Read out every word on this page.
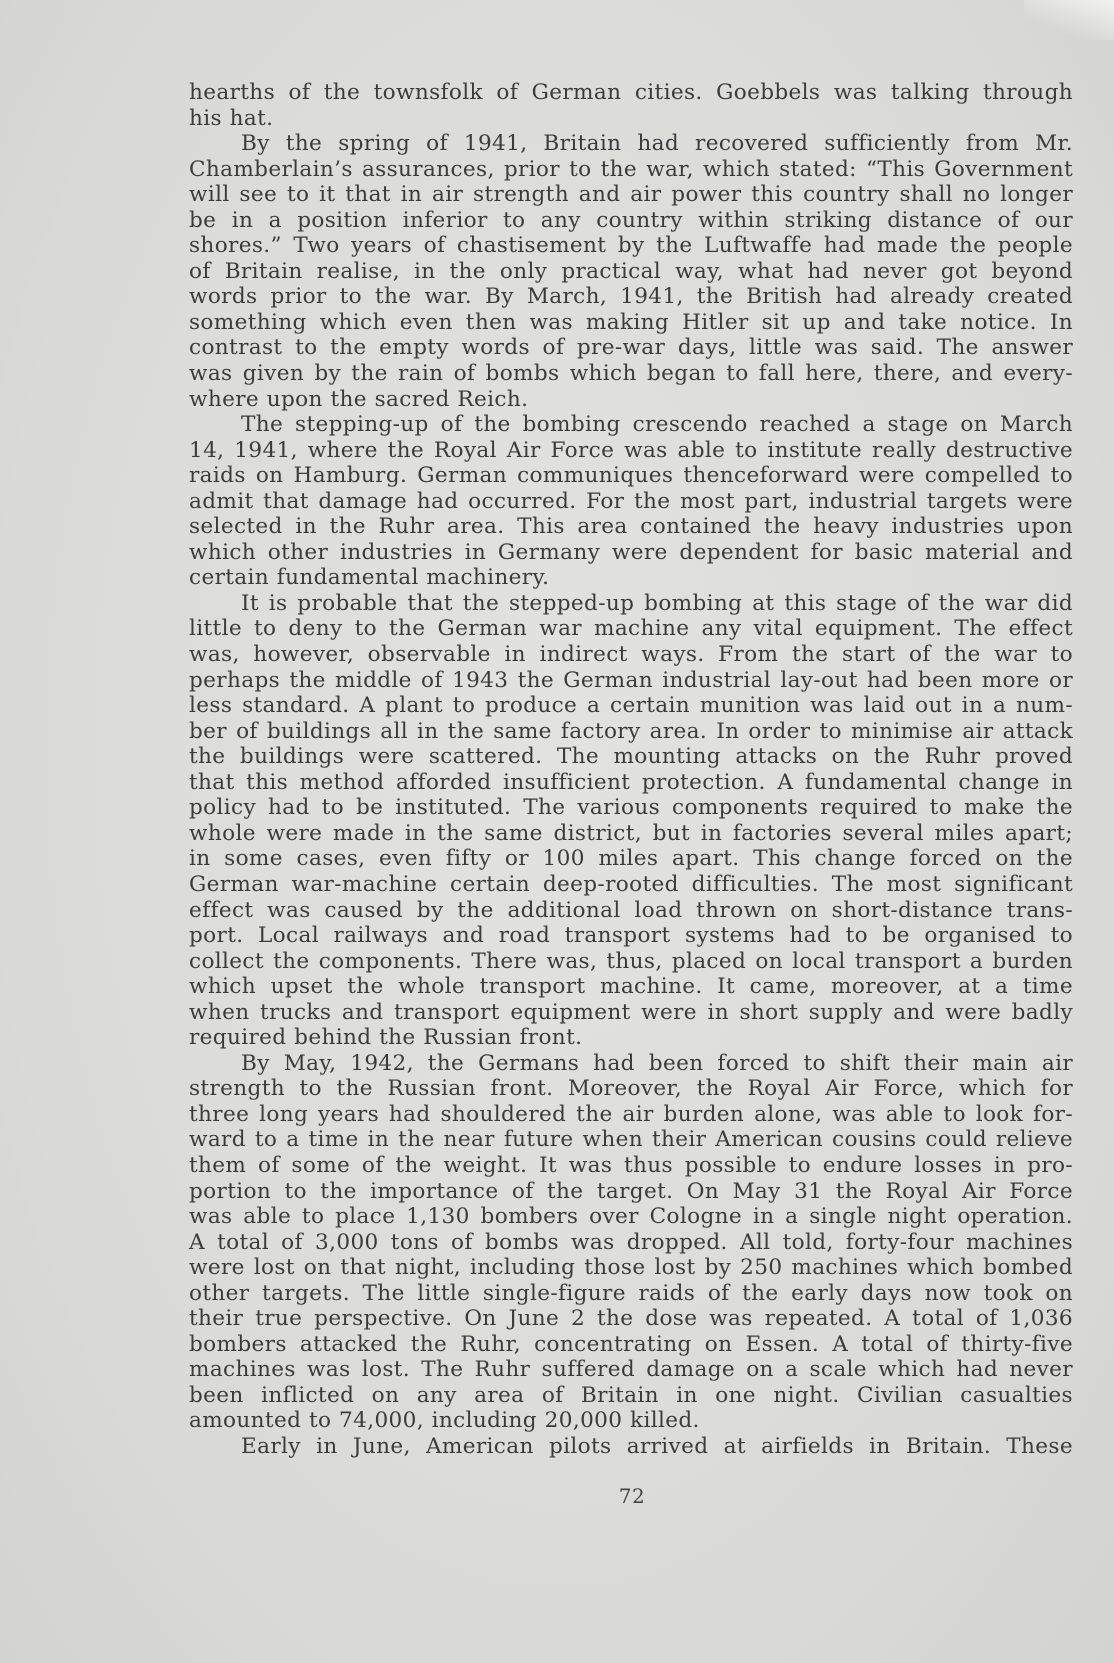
hearths of the townsfolk of German cities. Goebbels was talking through
his hat.
By the spring of 1941, Britain had recovered sufficiently from Mr.
Chamberlain’s assurances, prior to the war, which stated: “This Government
will see to it that in air strength and air power this country shall no longer
be in a position inferior to any country within striking distance of our
shores.” Two years of chastisement by the Luftwaffe had made the people
of Britain realise, in the only practical way, what had never got beyond
words prior to the war. By March, 1941, the British had already created
something which even then was making Hitler sit up and take notice. In
contrast to the empty words of pre-war days, little was said. The answer
was given by the rain of bombs which began to fall here, there, and every-
where upon the sacred Reich.
The stepping-up of the bombing crescendo reached a stage on March
14, 1941, where the Royal Air Force was able to institute really destructive
raids on Hamburg. German communiques thenceforward were compelled to
admit that damage had occurred. For the most part, industrial targets were
selected in the Ruhr area. This area contained the heavy industries upon
which other industries in Germany were dependent for basic material and
certain fundamental machinery.
It is probable that the stepped-up bombing at this stage of the war did
little to deny to the German war machine any vital equipment. The effect
was, however, observable in indirect ways. From the start of the war to
perhaps the middle of 1943 the German industrial lay-out had been more or
less standard. A plant to produce a certain munition was laid out in a num-
ber of buildings all in the same factory area. In order to minimise air attack
the buildings were scattered. The mounting attacks on the Ruhr proved
that this method afforded insufficient protection. A fundamental change in
policy had to be instituted. The various components required to make the
whole were made in the same district, but in factories several miles apart;
in some cases, even fifty or 100 miles apart. This change forced on the
German war-machine certain deep-rooted difficulties. The most significant
effect was caused by the additional load thrown on short-distance trans-
port. Local railways and road transport systems had to be organised to
collect the components. There was, thus, placed on local transport a burden
which upset the whole transport machine. It came, moreover, at a time
when trucks and transport equipment were in short supply and were badly
required behind the Russian front.
By May, 1942, the Germans had been forced to shift their main air
strength to the Russian front. Moreover, the Royal Air Force, which for
three long years had shouldered the air burden alone, was able to look for-
ward to a time in the near future when their American cousins could relieve
them of some of the weight. It was thus possible to endure losses in pro-
portion to the importance of the target. On May 31 the Royal Air Force
was able to place 1,130 bombers over Cologne in a single night operation.
A total of 3,000 tons of bombs was dropped. All told, forty-four machines
were lost on that night, including those lost by 250 machines which bombed
other targets. The little single-figure raids of the early days now took on
their true perspective. On June 2 the dose was repeated. A total of 1,036
bombers attacked the Ruhr, concentrating on Essen. A total of thirty-five
machines was lost. The Ruhr suffered damage on a scale which had never
been inflicted on any area of Britain in one night. Civilian casualties
amounted to 74,000, including 20,000 killed.
Early in June, American pilots arrived at airfields in Britain. These
72
